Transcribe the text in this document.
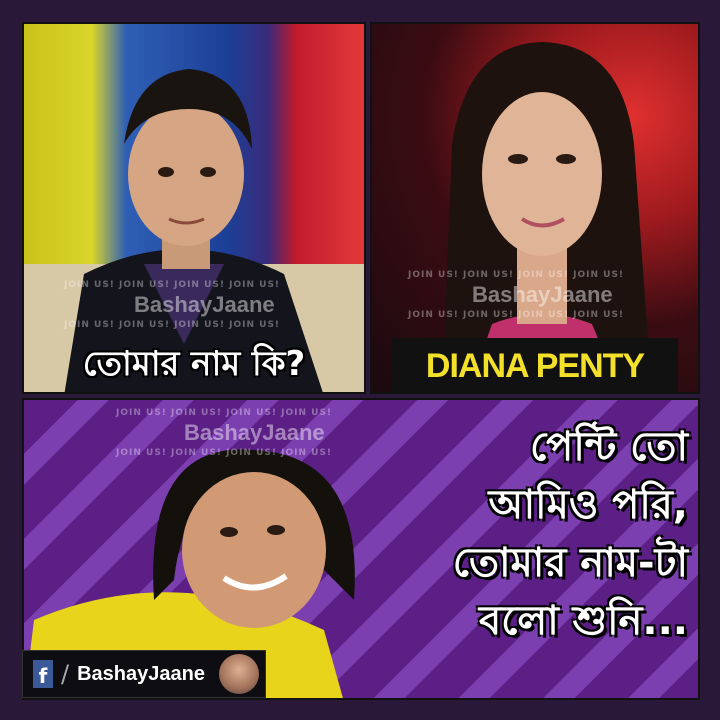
JOIN US! JOIN US! JOIN US! JOIN US!
BashayJaane
JOIN US! JOIN US! JOIN US! JOIN US!
JOIN US! JOIN US! JOIN US! JOIN US!
BashayJaane
JOIN US! JOIN US! JOIN US! JOIN US!
তোমার নাম কি?	DIANA PENTY
JOIN US! JOIN US! JOIN US! JOIN US!
BashayJaane
JOIN US! JOIN US! JOIN US! JOIN US!	পেন্টি তো
আমিও পরি,
তোমার নাম-টা
বলো শুনি...
f / BashayJaane
